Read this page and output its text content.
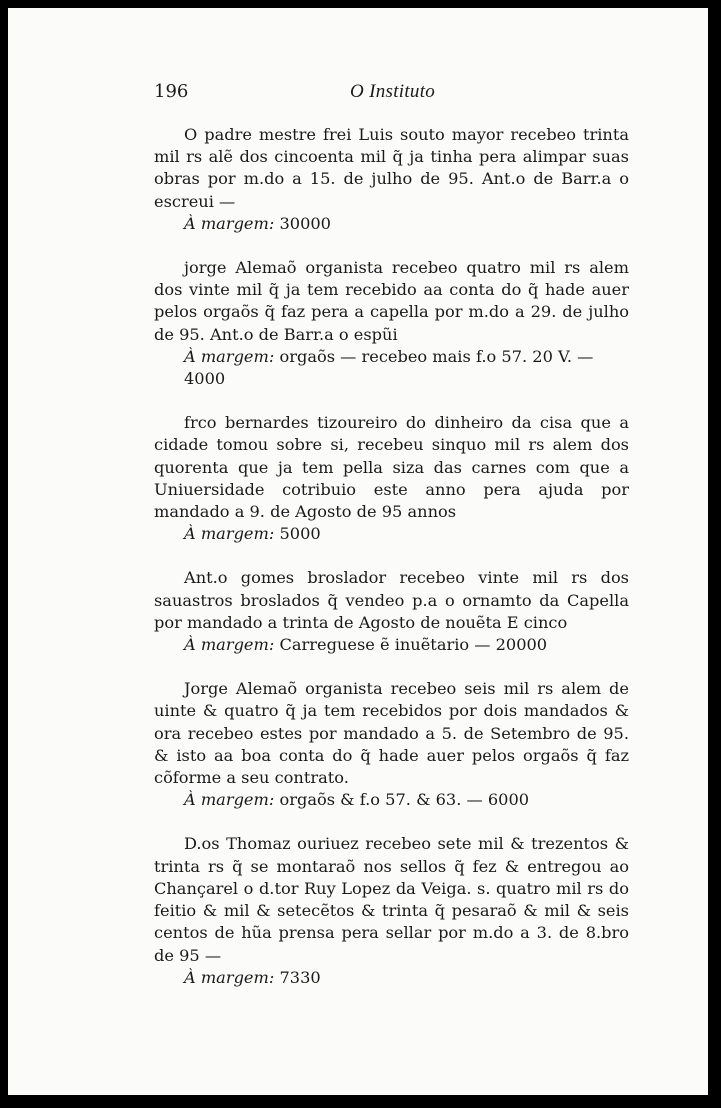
196	O Instituto

O padre mestre frei Luis souto mayor recebeo trinta mil rs alẽ dos cincoenta mil q̃ ja tinha pera alimpar suas obras por m.do a 15. de julho de 95. Ant.o de Barr.a o escreui —

À margem: 30000

jorge Alemaõ organista recebeo quatro mil rs alem dos vinte mil q̃ ja tem recebido aa conta do q̃ hade auer pelos orgaõs q̃ faz pera a capella por m.do a 29. de julho de 95. Ant.o de Barr.a o espũi

À margem: orgaõs — recebeo mais f.o 57. 20 V. — 4000

frco bernardes tizoureiro do dinheiro da cisa que a cidade tomou sobre si, recebeu sinquo mil rs alem dos quorenta que ja tem pella siza das carnes com que a Uniuersidade cotribuio este anno pera ajuda por mandado a 9. de Agosto de 95 annos

À margem: 5000

Ant.o gomes broslador recebeo vinte mil rs dos sauastros broslados q̃ vendeo p.a o ornamto da Capella por mandado a trinta de Agosto de nouẽta E cinco

À margem: Carreguese ẽ inuẽtario — 20000

Jorge Alemaõ organista recebeo seis mil rs alem de uinte & quatro q̃ ja tem recebidos por dois mandados & ora recebeo estes por mandado a 5. de Setembro de 95. & isto aa boa conta do q̃ hade auer pelos orgaõs q̃ faz cõforme a seu contrato.

À margem: orgaõs & f.o 57. & 63. — 6000

D.os Thomaz ouriuez recebeo sete mil & trezentos & trinta rs q̃ se montaraõ nos sellos q̃ fez & entregou ao Chançarel o d.tor Ruy Lopez da Veiga. s. quatro mil rs do feitio & mil & setecẽtos & trinta q̃ pesaraõ & mil & seis centos de hũa prensa pera sellar por m.do a 3. de 8.bro de 95 —

À margem: 7330
